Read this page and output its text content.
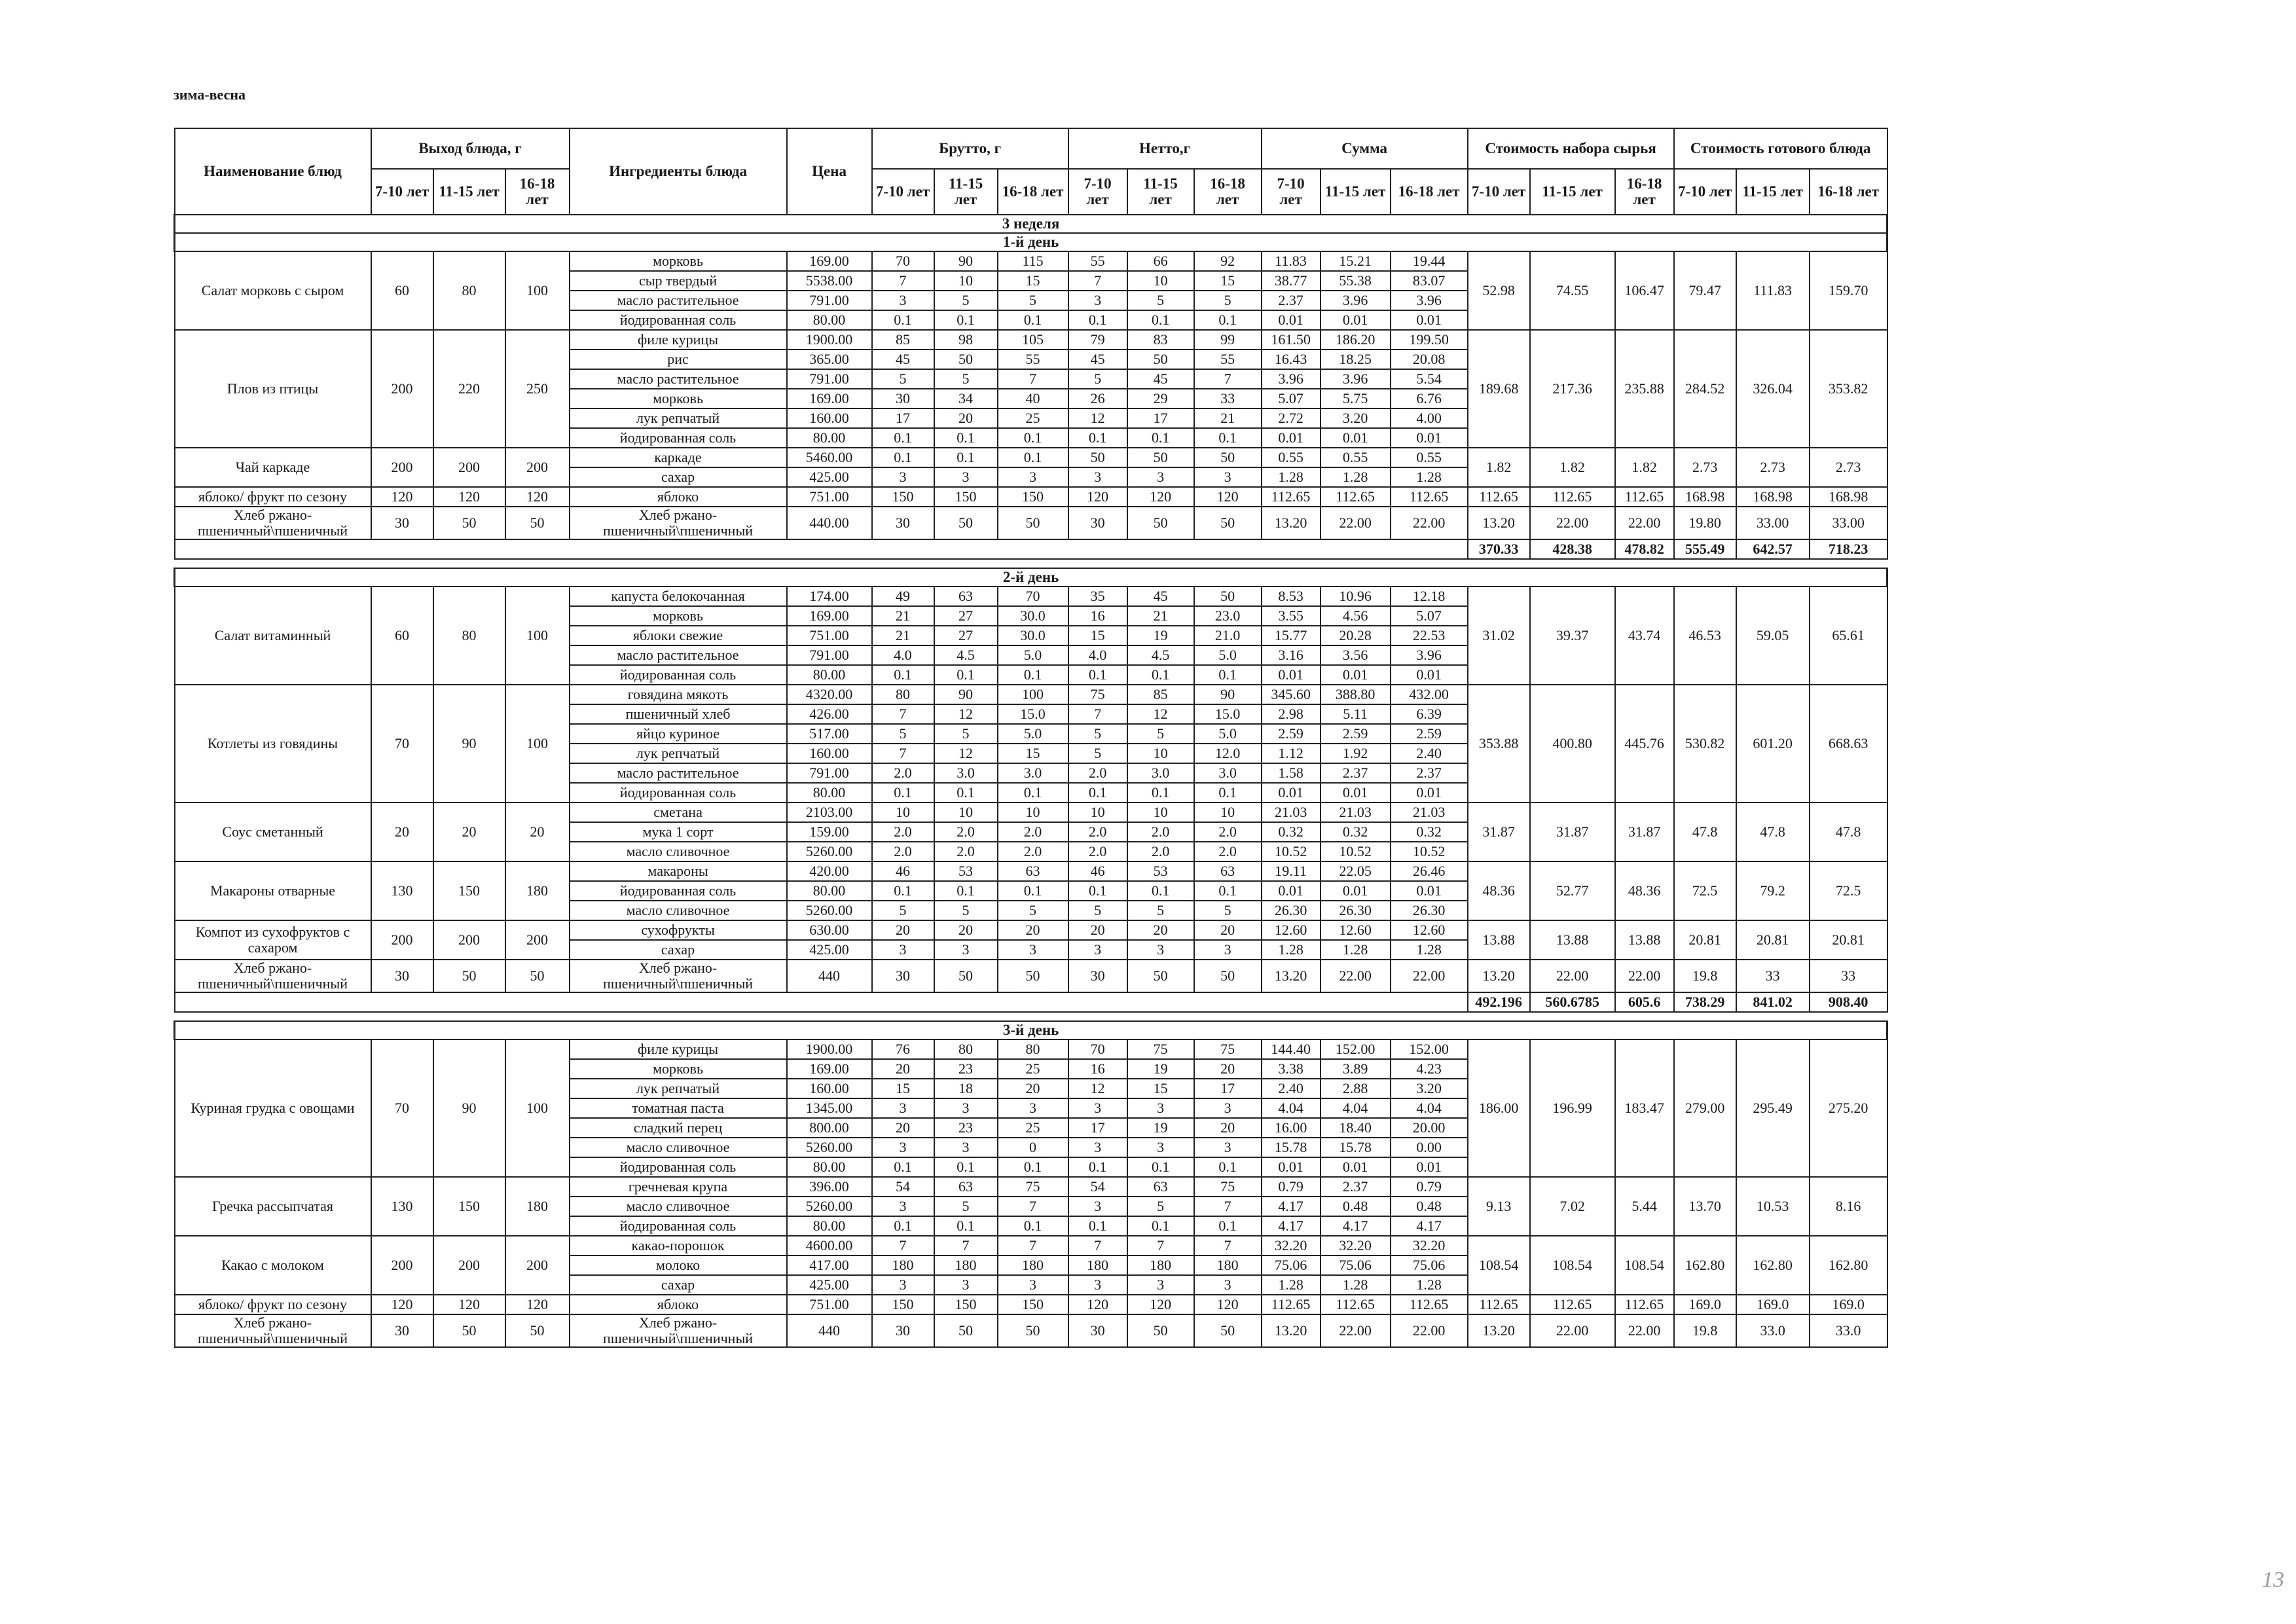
зима-весна
Наименование блюд	Выход блюда, г			Ингредиенты блюда	Цена	Брутто, г			Нетто,г			Сумма			Стоимость набора сырья			Стоимость готового блюда		
	7-10 лет	11-15 лет	16-18 лет			7-10 лет	11-15 лет	16-18 лет	7-10 лет	11-15 лет	16-18 лет	7-10 лет	11-15 лет	16-18 лет	7-10 лет	11-15 лет	16-18 лет	7-10 лет	11-15 лет	16-18 лет
3 неделя																				
1-й день																				
Салат морковь с сыром	60	80	100	морковь	169.00	70	90	115	55	66	92	11.83	15.21	19.44	52.98	74.55	106.47	79.47	111.83	159.70
				сыр твердый	5538.00	7	10	15	7	10	15	38.77	55.38	83.07						
				масло растительное	791.00	3	5	5	3	5	5	2.37	3.96	3.96						
				йодированная соль	80.00	0.1	0.1	0.1	0.1	0.1	0.1	0.01	0.01	0.01						
Плов из птицы	200	220	250	филе курицы	1900.00	85	98	105	79	83	99	161.50	186.20	199.50	189.68	217.36	235.88	284.52	326.04	353.82
				рис	365.00	45	50	55	45	50	55	16.43	18.25	20.08						
				масло растительное	791.00	5	5	7	5	45	7	3.96	3.96	5.54						
				морковь	169.00	30	34	40	26	29	33	5.07	5.75	6.76						
				лук репчатый	160.00	17	20	25	12	17	21	2.72	3.20	4.00						
				йодированная соль	80.00	0.1	0.1	0.1	0.1	0.1	0.1	0.01	0.01	0.01						
Чай каркаде	200	200	200	каркаде	5460.00	0.1	0.1	0.1	50	50	50	0.55	0.55	0.55	1.82	1.82	1.82	2.73	2.73	2.73
				сахар	425.00	3	3	3	3	3	3	1.28	1.28	1.28						
яблоко/ фрукт по сезону	120	120	120	яблоко	751.00	150	150	150	120	120	120	112.65	112.65	112.65	112.65	112.65	112.65	168.98	168.98	168.98
Хлеб ржано-пшеничный\пшеничный	30	50	50	Хлеб ржано-пшеничный\пшеничный	440.00	30	50	50	30	50	50	13.20	22.00	22.00	13.20	22.00	22.00	19.80	33.00	33.00
															370.33	428.38	478.82	555.49	642.57	718.23

2-й день																				
Салат витаминный	60	80	100	капуста белокочанная	174.00	49	63	70	35	45	50	8.53	10.96	12.18	31.02	39.37	43.74	46.53	59.05	65.61
				морковь	169.00	21	27	30.0	16	21	23.0	3.55	4.56	5.07						
				яблоки свежие	751.00	21	27	30.0	15	19	21.0	15.77	20.28	22.53						
				масло растительное	791.00	4.0	4.5	5.0	4.0	4.5	5.0	3.16	3.56	3.96						
				йодированная соль	80.00	0.1	0.1	0.1	0.1	0.1	0.1	0.01	0.01	0.01						
Котлеты из говядины	70	90	100	говядина мякоть	4320.00	80	90	100	75	85	90	345.60	388.80	432.00	353.88	400.80	445.76	530.82	601.20	668.63
				пшеничный хлеб	426.00	7	12	15.0	7	12	15.0	2.98	5.11	6.39						
				яйцо куриное	517.00	5	5	5.0	5	5	5.0	2.59	2.59	2.59						
				лук репчатый	160.00	7	12	15	5	10	12.0	1.12	1.92	2.40						
				масло растительное	791.00	2.0	3.0	3.0	2.0	3.0	3.0	1.58	2.37	2.37						
				йодированная соль	80.00	0.1	0.1	0.1	0.1	0.1	0.1	0.01	0.01	0.01						
Соус сметанный	20	20	20	сметана	2103.00	10	10	10	10	10	10	21.03	21.03	21.03	31.87	31.87	31.87	47.8	47.8	47.8
				мука 1 сорт	159.00	2.0	2.0	2.0	2.0	2.0	2.0	0.32	0.32	0.32						
				масло сливочное	5260.00	2.0	2.0	2.0	2.0	2.0	2.0	10.52	10.52	10.52						
Макароны отварные	130	150	180	макароны	420.00	46	53	63	46	53	63	19.11	22.05	26.46	48.36	52.77	48.36	72.5	79.2	72.5
				йодированная соль	80.00	0.1	0.1	0.1	0.1	0.1	0.1	0.01	0.01	0.01						
				масло сливочное	5260.00	5	5	5	5	5	5	26.30	26.30	26.30						
Компот из сухофруктов с сахаром	200	200	200	сухофрукты	630.00	20	20	20	20	20	20	12.60	12.60	12.60	13.88	13.88	13.88	20.81	20.81	20.81
				сахар	425.00	3	3	3	3	3	3	1.28	1.28	1.28						
Хлеб ржано-пшеничный\пшеничный	30	50	50	Хлеб ржано-пшеничный\пшеничный	440	30	50	50	30	50	50	13.20	22.00	22.00	13.20	22.00	22.00	19.8	33	33
															492.196	560.6785	605.6	738.29	841.02	908.40

3-й день																				
Куриная грудка с овощами	70	90	100	филе курицы	1900.00	76	80	80	70	75	75	144.40	152.00	152.00	186.00	196.99	183.47	279.00	295.49	275.20
				морковь	169.00	20	23	25	16	19	20	3.38	3.89	4.23						
				лук репчатый	160.00	15	18	20	12	15	17	2.40	2.88	3.20						
				томатная паста	1345.00	3	3	3	3	3	3	4.04	4.04	4.04						
				сладкий перец	800.00	20	23	25	17	19	20	16.00	18.40	20.00						
				масло сливочное	5260.00	3	3	0	3	3	3	15.78	15.78	0.00						
				йодированная соль	80.00	0.1	0.1	0.1	0.1	0.1	0.1	0.01	0.01	0.01						
Гречка рассыпчатая	130	150	180	гречневая крупа	396.00	54	63	75	54	63	75	0.79	2.37	0.79	9.13	7.02	5.44	13.70	10.53	8.16
				масло сливочное	5260.00	3	5	7	3	5	7	4.17	0.48	0.48						
				йодированная соль	80.00	0.1	0.1	0.1	0.1	0.1	0.1	4.17	4.17	4.17						
Какао с молоком	200	200	200	какао-порошок	4600.00	7	7	7	7	7	7	32.20	32.20	32.20	108.54	108.54	108.54	162.80	162.80	162.80
				молоко	417.00	180	180	180	180	180	180	75.06	75.06	75.06						
				сахар	425.00	3	3	3	3	3	3	1.28	1.28	1.28						
яблоко/ фрукт по сезону	120	120	120	яблоко	751.00	150	150	150	120	120	120	112.65	112.65	112.65	112.65	112.65	112.65	169.0	169.0	169.0
Хлеб ржано-пшеничный\пшеничный	30	50	50	Хлеб ржано-пшеничный\пшеничный	440	30	50	50	30	50	50	13.20	22.00	22.00	13.20	22.00	22.00	19.8	33.0	33.0
13
